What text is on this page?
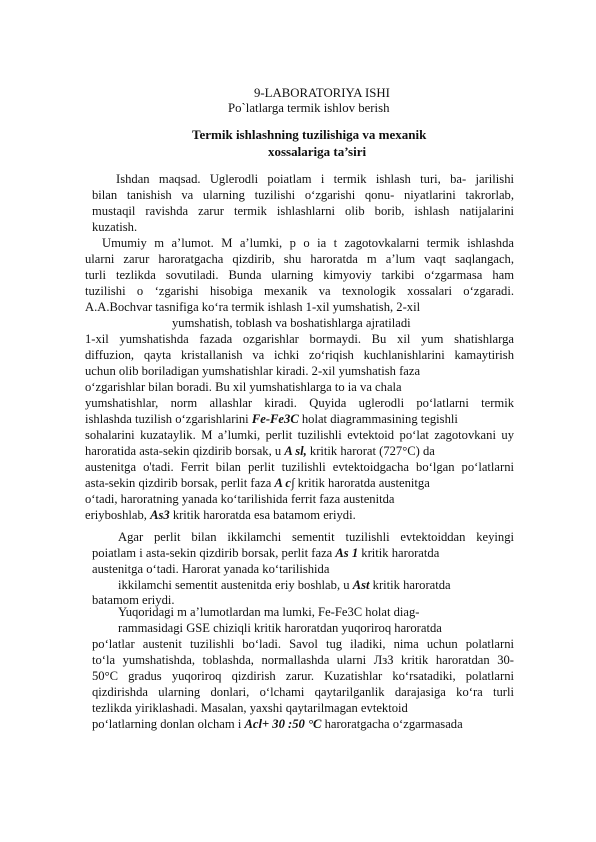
9-LABORATORIYA ISHI
Po`latlarga termik ishlov berish
Termik ishlashning tuzilishiga va mexanik
xossalariga ta’siri
Ishdan maqsad. Uglerodli poiatlam i termik ishlash turi, ba- jarilishi
bilan tanishish va ularning tuzilishi o‘zgarishi qonu- niyatlarini takrorlab,
mustaqil ravishda zarur termik ishlashlarni olib borib, ishlash natijalarini
kuzatish.
Umumiy m a’lumot. M a’lumki, p o ia t zagotovkalarni termik ishlashda
ularni zarur haroratgacha qizdirib, shu haroratda m a’lum vaqt saqlangach,
turli tezlikda sovutiladi. Bunda ularning kimyoviy tarkibi o‘zgarmasa ham
tuzilishi o ‘zgarishi hisobiga mexanik va texnologik xossalari o‘zgaradi.
A.A.Bochvar tasnifiga ko‘ra termik ishlash 1-xil yumshatish, 2-xil
yumshatish, toblash va boshatishlarga ajratiladi
1-xil yumshatishda fazada ozgarishlar bormaydi. Bu xil yum shatishlarga
diffuzion, qayta kristallanish va ichki zo‘riqish kuchlanishlarini kamaytirish
uchun olib boriladigan yumshatishlar kiradi. 2-xil yumshatish faza
o‘zgarishlar bilan boradi. Bu xil yumshatishlarga to ia va chala
yumshatishlar, norm allashlar kiradi. Quyida uglerodli po‘latlarni termik
ishlashda tuzilish o‘zgarishlarini Fe-Fe3C holat diagrammasining tegishli
sohalarini kuzataylik. M a’lumki, perlit tuzilishli evtektoid po‘lat zagotovkani uy
haroratida asta-sekin qizdirib borsak, u A sl, kritik harorat (727°C) da
austenitga o'tadi. Ferrit bilan perlit tuzilishli evtektoidgacha bo‘lgan po‘latlarni
asta-sekin qizdirib borsak, perlit faza A c∫ kritik haroratda austenitga
o‘tadi, haroratning yanada ko‘tarilishida ferrit faza austenitda
eriyboshlab, As3 kritik haroratda esa batamom eriydi.
Agar perlit bilan ikkilamchi sementit tuzilishli evtektoiddan keyingi
poiatlam i asta-sekin qizdirib borsak, perlit faza As 1 kritik haroratda
austenitga o‘tadi. Harorat yanada ko‘tarilishida
ikkilamchi sementit austenitda eriy boshlab, u Ast kritik haroratda
batamom eriydi.
Yuqoridagi m a’lumotlardan ma lumki, Fe-Fe3C holat diag-
rammasidagi GSE chiziqli kritik haroratdan yuqoriroq haroratda
po‘latlar austenit tuzilishli bo‘ladi. Savol tug iladiki, nima uchun polatlarni
to‘la yumshatishda, toblashda, normallashda ularni ЛзЗ kritik haroratdan 30-
50°C gradus yuqoriroq qizdirish zarur. Kuzatishlar ko‘rsatadiki, polatlarni
qizdirishda ularning donlari, o‘lchami qaytarilganlik darajasiga ko‘ra turli
tezlikda yiriklashadi. Masalan, yaxshi qaytarilmagan evtektoid
po‘latlarning donlan olcham i Acl+ 30 :50 °C haroratgacha o‘zgarmasada
